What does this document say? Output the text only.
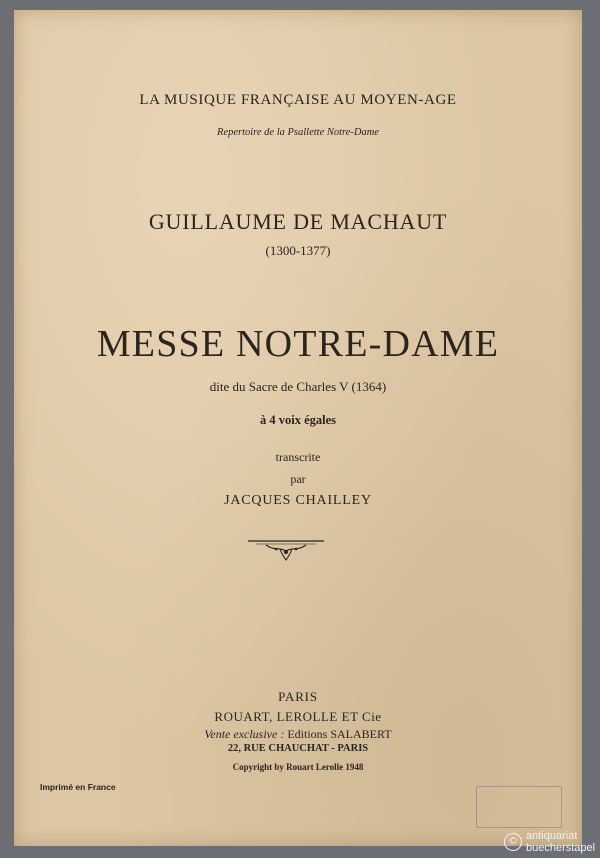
LA MUSIQUE FRANÇAISE AU MOYEN-AGE
Repertoire de la Psallette Notre-Dame
GUILLAUME DE MACHAUT
(1300-1377)
MESSE NOTRE-DAME
dite du Sacre de Charles V (1364)
à 4 voix égales
transcrite
par
JACQUES CHAILLEY
PARIS
ROUART, LEROLLE ET Cie
Vente exclusive : Editions SALABERT
22, RUE CHAUCHAT - PARIS
Copyright by Rouart Lerolle 1948
Imprimé en France
© antiquariat
buecherstapel
